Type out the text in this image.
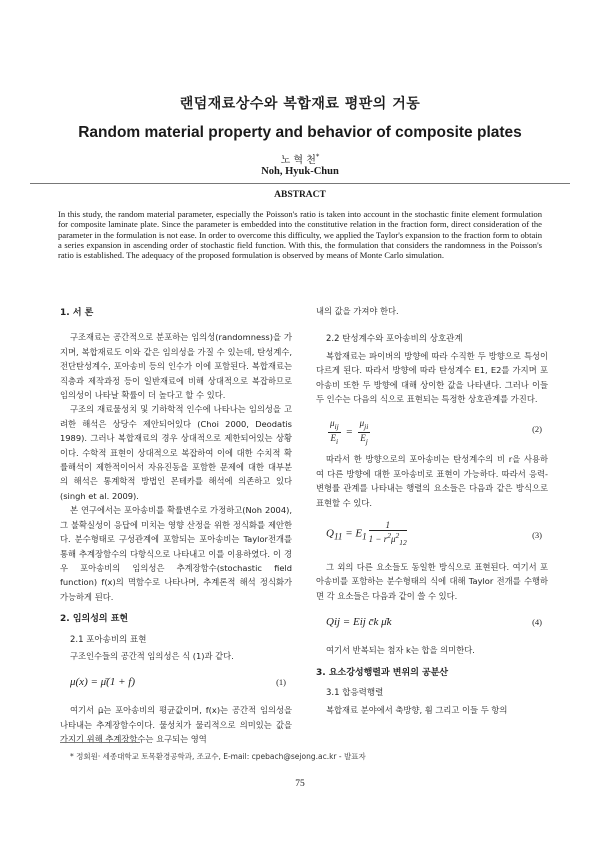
랜덤재료상수와 복합재료 평판의 거동
Random material property and behavior of composite plates
노 혁 천*
Noh, Hyuk-Chun
ABSTRACT
In this study, the random material parameter, especially the Poisson's ratio is taken into account in the stochastic finite element formulation for composite laminate plate. Since the parameter is embedded into the constitutive relation in the fraction form, direct consideration of the parameter in the formulation is not ease. In order to overcome this difficulty, we applied the Taylor's expansion to the fraction form to obtain a series expansion in ascending order of stochastic field function. With this, the formulation that considers the randomness in the Poisson's ratio is established. The adequacy of the proposed formulation is observed by means of Monte Carlo simulation.
1. 서 론
구조재료는 공간적으로 분포하는 임의성(randomness)을 가지며, 복합재료도 이와 같은 임의성을 가질 수 있는데, 탄성계수, 전단탄성계수, 포아송비 등의 인수가 이에 포함된다. 복합재료는 직층과 제작과정 등이 일반재료에 비해 상대적으로 복잡하므로 임의성이 나타날 확률이 더 높다고 할 수 있다.
구조의 재료물성치 및 기하학적 인수에 나타나는 임의성을 고려한 해석은 상당수 제안되어있다 (Choi 2000, Deodatis 1989). 그러나 복합재료의 경우 상대적으로 제한되어있는 상황이다. 수학적 표현이 상대적으로 복잡하여 이에 대한 수치적 확률해석이 제한적이어서 자유진동을 포함한 문제에 대한 대부분의 해석은 통계학적 방법인 몬테카를 해석에 의존하고 있다 (singh et al. 2009).
본 연구에서는 포아송비를 확률변수로 가정하고(Noh 2004), 그 불확실성이 응답에 미치는 영향 산정을 위한 정식화를 제안한다. 분수형태로 구성관계에 포함되는 포아송비는 Taylor전개를 통해 추계장함수의 다항식으로 나타내고 이를 이용하였다. 이 경우 포아송비의 임의성은 추계장함수(stochastic field function) f(x)의 멱함수로 나타나며, 추계론적 해석 정식화가 가능하게 된다.
2. 임의성의 표현
2.1 포아송비의 표현
구조인수들의 공간적 임의성은 식 (1)과 같다.
μ(x) = μ̄(1 + f)	(1)
여기서 μ̄는 포아송비의 평균값이며, f(x)는 공간적 임의성을 나타내는 추계장함수이다. 물성치가 물리적으로 의미있는 값을 가지기 위해 추계장함수는 요구되는 영역
내의 값을 가져야 한다.
2.2 탄성계수와 포아송비의 상호관계
복합재료는 파이버의 방향에 따라 수직한 두 방향으로 특성이 다르게 된다. 따라서 방향에 따라 탄성계수 E1, E2를 가지며 포아송비 또한 두 방향에 대해 상이한 값을 나타낸다. 그러나 이들 두 인수는 다음의 식으로 표현되는 특정한 상호관계를 가진다.
$\frac{\mu_{ij}}{E_i} = \frac{\mu_{ji}}{E_j}$	(2)
따라서 한 방향으로의 포아송비는 탄성계수의 비 r을 사용하여 다른 방향에 대한 포아송비로 표현이 가능하다. 따라서 응력-변형률 관계를 나타내는 행렬의 요소들은 다음과 같은 방식으로 표현할 수 있다.
$Q_{11} = E_1 \frac{1}{1 - r^2\mu^2_{12}}$	(3)
그 외의 다른 요소들도 동일한 방식으로 표현된다. 여기서 포아송비를 포함하는 분수형태의 식에 대해 Taylor 전개를 수행하면 각 요소들은 다음과 같이 쓸 수 있다.
Qij = Eij c̄k μ̄k	(4)
여기서 반복되는 첨자 k는 합을 의미한다.
3. 요소강성행렬과 변위의 공분산
3.1 합응력행렬
복합재료 분야에서 축방향, 휨 그리고 이들 두 항의
* 정회원· 세종대학교 토목환경공학과, 조교수, E-mail: cpebach@sejong.ac.kr - 발표자
75
